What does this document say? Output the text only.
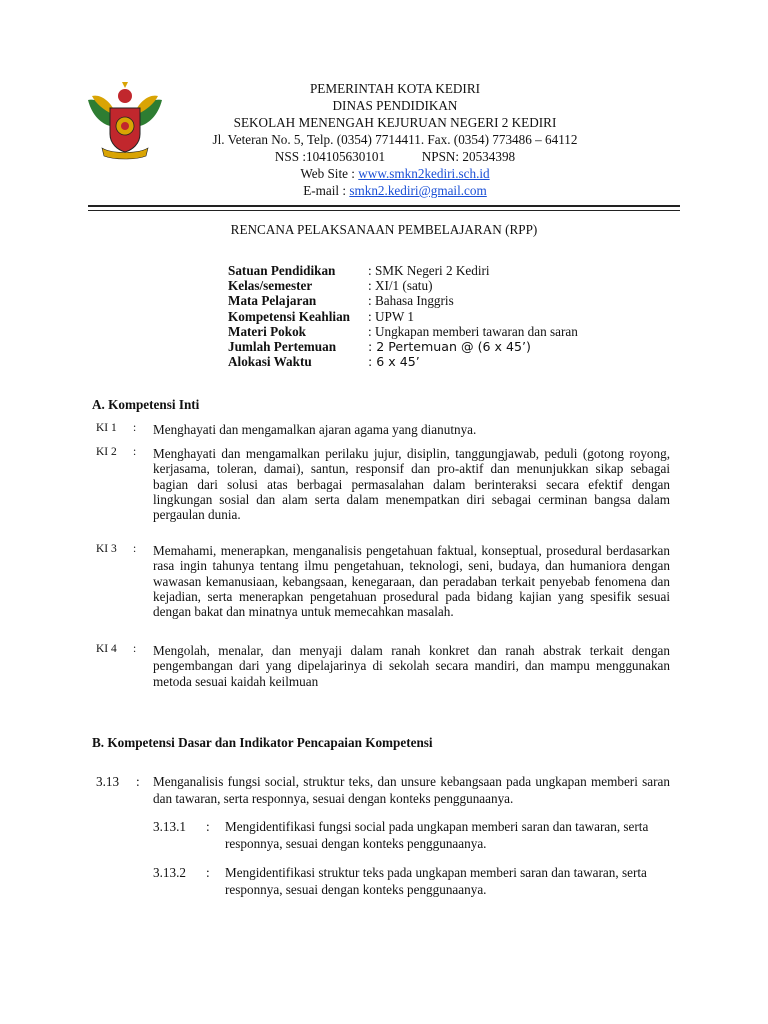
PEMERINTAH KOTA KEDIRI
DINAS PENDIDIKAN
SEKOLAH MENENGAH KEJURUAN NEGERI 2 KEDIRI
Jl. Veteran No. 5, Telp. (0354) 7714411. Fax. (0354) 773486 – 64112
NSS :104105630101	NPSN: 20534398
Web Site : www.smkn2kediri.sch.id
E-mail : smkn2.kediri@gmail.com
RENCANA PELAKSANAAN PEMBELAJARAN (RPP)
Satuan Pendidikan	: SMK Negeri 2 Kediri
Kelas/semester	: XI/1 (satu)
Mata Pelajaran	: Bahasa Inggris
Kompetensi Keahlian	: UPW 1
Materi Pokok	: Ungkapan memberi tawaran dan saran
Jumlah Pertemuan	: 2 Pertemuan @ (6 x 45’)
Alokasi Waktu	: 6 x 45’
A. Kompetensi Inti
KI 1 : Menghayati dan mengamalkan ajaran agama yang dianutnya.
KI 2 : Menghayati dan mengamalkan perilaku jujur, disiplin, tanggungjawab, peduli (gotong royong, kerjasama, toleran, damai), santun, responsif dan pro-aktif dan menunjukkan sikap sebagai bagian dari solusi atas berbagai permasalahan dalam berinteraksi secara efektif dengan lingkungan sosial dan alam serta dalam menempatkan diri sebagai cerminan bangsa dalam pergaulan dunia.
KI 3 : Memahami, menerapkan, menganalisis pengetahuan faktual, konseptual, prosedural berdasarkan rasa ingin tahunya tentang ilmu pengetahuan, teknologi, seni, budaya, dan humaniora dengan wawasan kemanusiaan, kebangsaan, kenegaraan, dan peradaban terkait penyebab fenomena dan kejadian, serta menerapkan pengetahuan prosedural pada bidang kajian yang spesifik sesuai dengan bakat dan minatnya untuk memecahkan masalah.
KI 4 : Mengolah, menalar, dan menyaji dalam ranah konkret dan ranah abstrak terkait dengan pengembangan dari yang dipelajarinya di sekolah secara mandiri, dan mampu menggunakan metoda sesuai kaidah keilmuan
B. Kompetensi Dasar dan Indikator Pencapaian Kompetensi
3.13 : Menganalisis fungsi social, struktur teks, dan unsure kebangsaan pada ungkapan memberi saran dan tawaran, serta responnya, sesuai dengan konteks penggunaanya.
3.13.1 : Mengidentifikasi fungsi social pada ungkapan memberi saran dan tawaran, serta responnya, sesuai dengan konteks penggunaanya.
3.13.2 : Mengidentifikasi struktur teks pada ungkapan memberi saran dan tawaran, serta responnya, sesuai dengan konteks penggunaanya.
